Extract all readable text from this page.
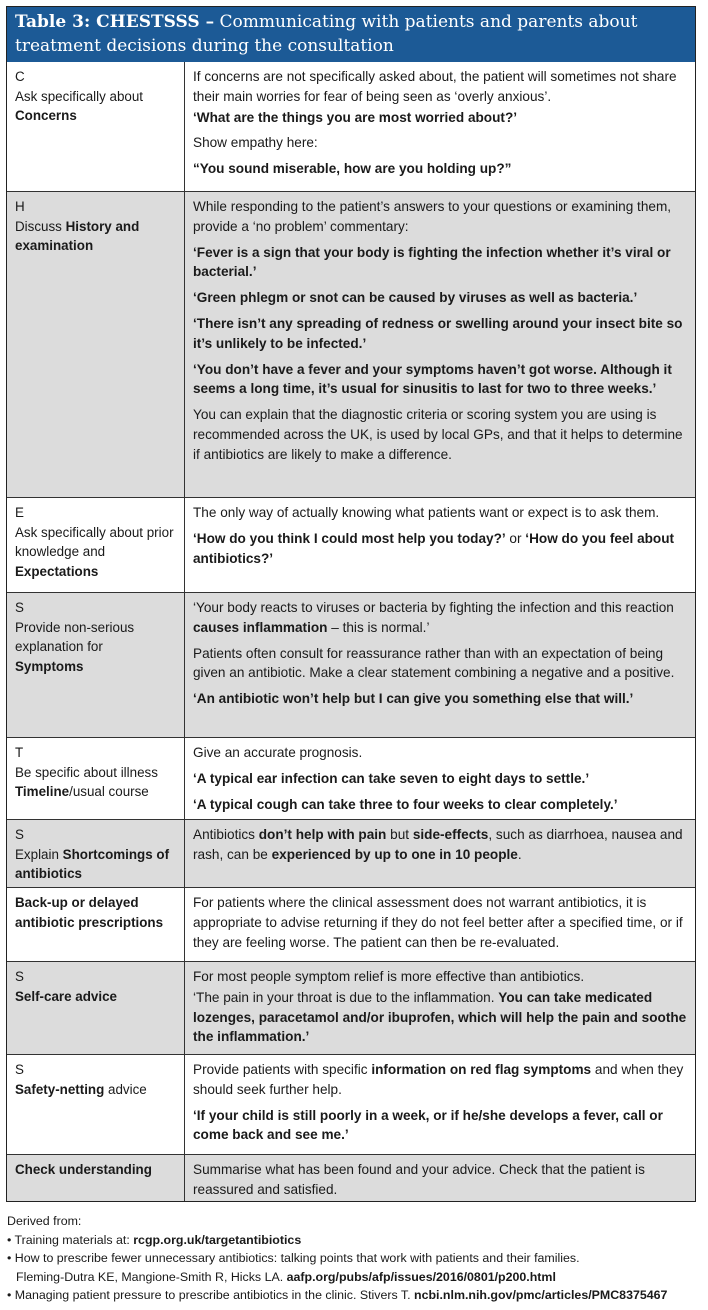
Table 3: CHESTSSS – Communicating with patients and parents about treatment decisions during the consultation
C
Ask specifically about
Concerns

If concerns are not specifically asked about, the patient will sometimes not share their main worries for fear of being seen as ‘overly anxious’.

‘What are the things you are most worried about?’

Show empathy here:

“You sound miserable, how are you holding up?”

H
Discuss History and examination

While responding to the patient’s answers to your questions or examining them, provide a ‘no problem’ commentary:

‘Fever is a sign that your body is fighting the infection whether it’s viral or bacterial.’

‘Green phlegm or snot can be caused by viruses as well as bacteria.’

‘There isn’t any spreading of redness or swelling around your insect bite so it’s unlikely to be infected.’

‘You don’t have a fever and your symptoms haven’t got worse. Although it seems a long time, it’s usual for sinusitis to last for two to three weeks.’

You can explain that the diagnostic criteria or scoring system you are using is recommended across the UK, is used by local GPs, and that it helps to determine if antibiotics are likely to make a difference.

E
Ask specifically about prior knowledge and
Expectations

The only way of actually knowing what patients want or expect is to ask them.

‘How do you think I could most help you today?’ or ‘How do you feel about antibiotics?’

S
Provide non-serious explanation for
Symptoms

‘Your body reacts to viruses or bacteria by fighting the infection and this reaction causes inflammation – this is normal.’

Patients often consult for reassurance rather than with an expectation of being given an antibiotic. Make a clear statement combining a negative and a positive.

‘An antibiotic won’t help but I can give you something else that will.’

T
Be specific about illness
Timeline/usual course

Give an accurate prognosis.

‘A typical ear infection can take seven to eight days to settle.’

‘A typical cough can take three to four weeks to clear completely.’

S
Explain Shortcomings of antibiotics

Antibiotics don’t help with pain but side-effects, such as diarrhoea, nausea and rash, can be experienced by up to one in 10 people.

Back-up or delayed antibiotic prescriptions

For patients where the clinical assessment does not warrant antibiotics, it is appropriate to advise returning if they do not feel better after a specified time, or if they are feeling worse. The patient can then be re-evaluated.

S
Self-care advice

For most people symptom relief is more effective than antibiotics.

‘The pain in your throat is due to the inflammation. You can take medicated lozenges, paracetamol and/or ibuprofen, which will help the pain and soothe the inflammation.’

S
Safety-netting advice

Provide patients with specific information on red flag symptoms and when they should seek further help.

‘If your child is still poorly in a week, or if he/she develops a fever, call or come back and see me.’

Check understanding	Summarise what has been found and your advice. Check that the patient is reassured and satisfied.

Derived from:
• Training materials at: rcgp.org.uk/targetantibiotics
• How to prescribe fewer unnecessary antibiotics: talking points that work with patients and their families.
Fleming-Dutra KE, Mangione-Smith R, Hicks LA. aafp.org/pubs/afp/issues/2016/0801/p200.html
• Managing patient pressure to prescribe antibiotics in the clinic. Stivers T. ncbi.nlm.nih.gov/pmc/articles/PMC8375467
